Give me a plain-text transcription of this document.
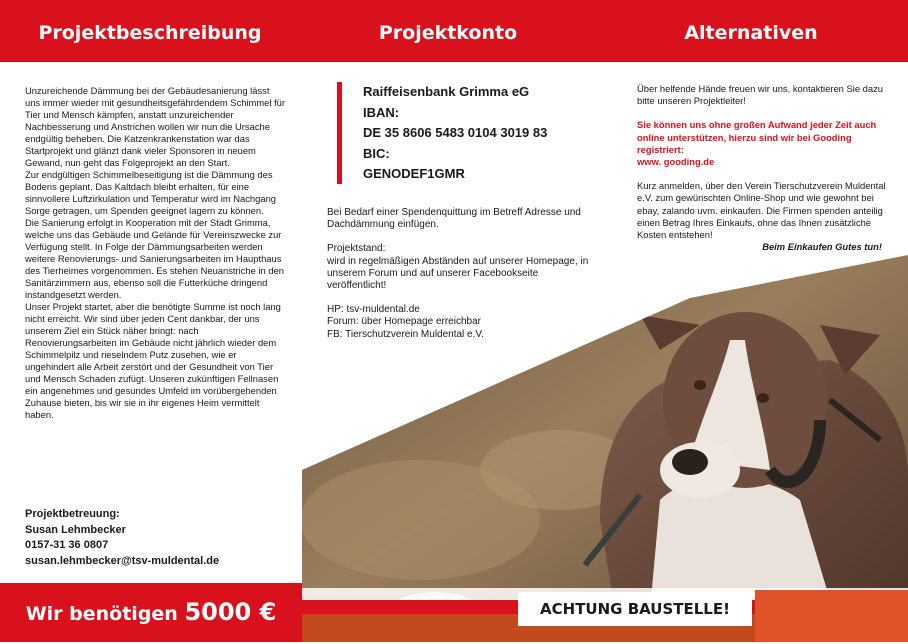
Projektbeschreibung	Projektkonto	Alternativen

Unzureichende Dämmung bei der Gebäudesanierung lässt uns immer wieder mit gesundheitsgefährdendem Schimmel für Tier und Mensch kämpfen, anstatt unzureichender Nachbesserung und Anstrichen wollen wir nun die Ursache endgültig beheben. Die Katzenkrankenstation war das Startprojekt und glänzt dank vieler Sponsoren in neuem Gewand, nun geht das Folgeprojekt an den Start.

Zur endgültigen Schimmelbeseitigung ist die Dämmung des Bodens geplant. Das Kaltdach bleibt erhalten, für eine sinnvollere Luftzirkulation und Temperatur wird im Nachgang Sorge getragen, um Spenden geeignet lagern zu können.

Die Sanierung erfolgt in Kooperation mit der Stadt Grimma, welche uns das Gebäude und Gelände für Vereinszwecke zur Verfügung stellt. In Folge der Dämmungsarbeiten werden weitere Renovierungs- und Sanierungsarbeiten im Haupthaus des Tierheimes vorgenommen. Es stehen Neuanstriche in den Sanitärzimmern aus, ebenso soll die Futterküche dringend instandgesetzt werden.

Unser Projekt startet, aber die benötigte Summe ist noch lang nicht erreicht. Wir sind über jeden Cent dankbar, der uns unserem Ziel ein Stück näher bringt: nach Renovierungsarbeiten im Gebäude nicht jährlich wieder dem Schimmelpilz und rieselndem Putz zusehen, wie er ungehindert alle Arbeit zerstört und der Gesundheit von Tier und Mensch Schaden zufügt. Unseren zukünftigen Fellnasen ein angenehmes und gesundes Umfeld im vorübergehenden Zuhause bieten, bis wir sie in ihr eigenes Heim vermittelt haben.

Projektbetreuung:
Susan Lehmbecker
0157-31 36 0807
susan.lehmbecker@tsv-muldental.de
Raiffeisenbank Grimma eG
IBAN:
DE 35 8606 5483 0104 3019 83
BIC:
GENODEF1GMR

Bei Bedarf einer Spendenquittung im Betreff Adresse und Dachdämmung einfügen.

Projektstand:

wird in regelmäßigen Abständen auf unserer Homepage, in unserem Forum und auf unserer Facebookseite veröffentlicht!

HP: tsv-muldental.de

Forum: über Homepage erreichbar

FB: Tierschutzverein Muldental e.V.

Über helfende Hände freuen wir uns, kontaktieren Sie dazu bitte unseren Projektleiter!

Sie können uns ohne großen Aufwand jeder Zeit auch online unterstützen, hierzu sind wir bei Gooding registriert:

www. gooding.de

Kurz anmelden, über den Verein Tierschutzverein Muldental e.V. zum gewünschten Online-Shop und wie gewohnt bei ebay, zalando uvm. einkaufen. Die Firmen spenden anteilig einen Betrag Ihres Einkaufs, ohne das Ihnen zusätzliche Kosten entstehen!

Beim Einkaufen Gutes tun!

Wir benötigen 5000 €	ACHTUNG BAUSTELLE!
